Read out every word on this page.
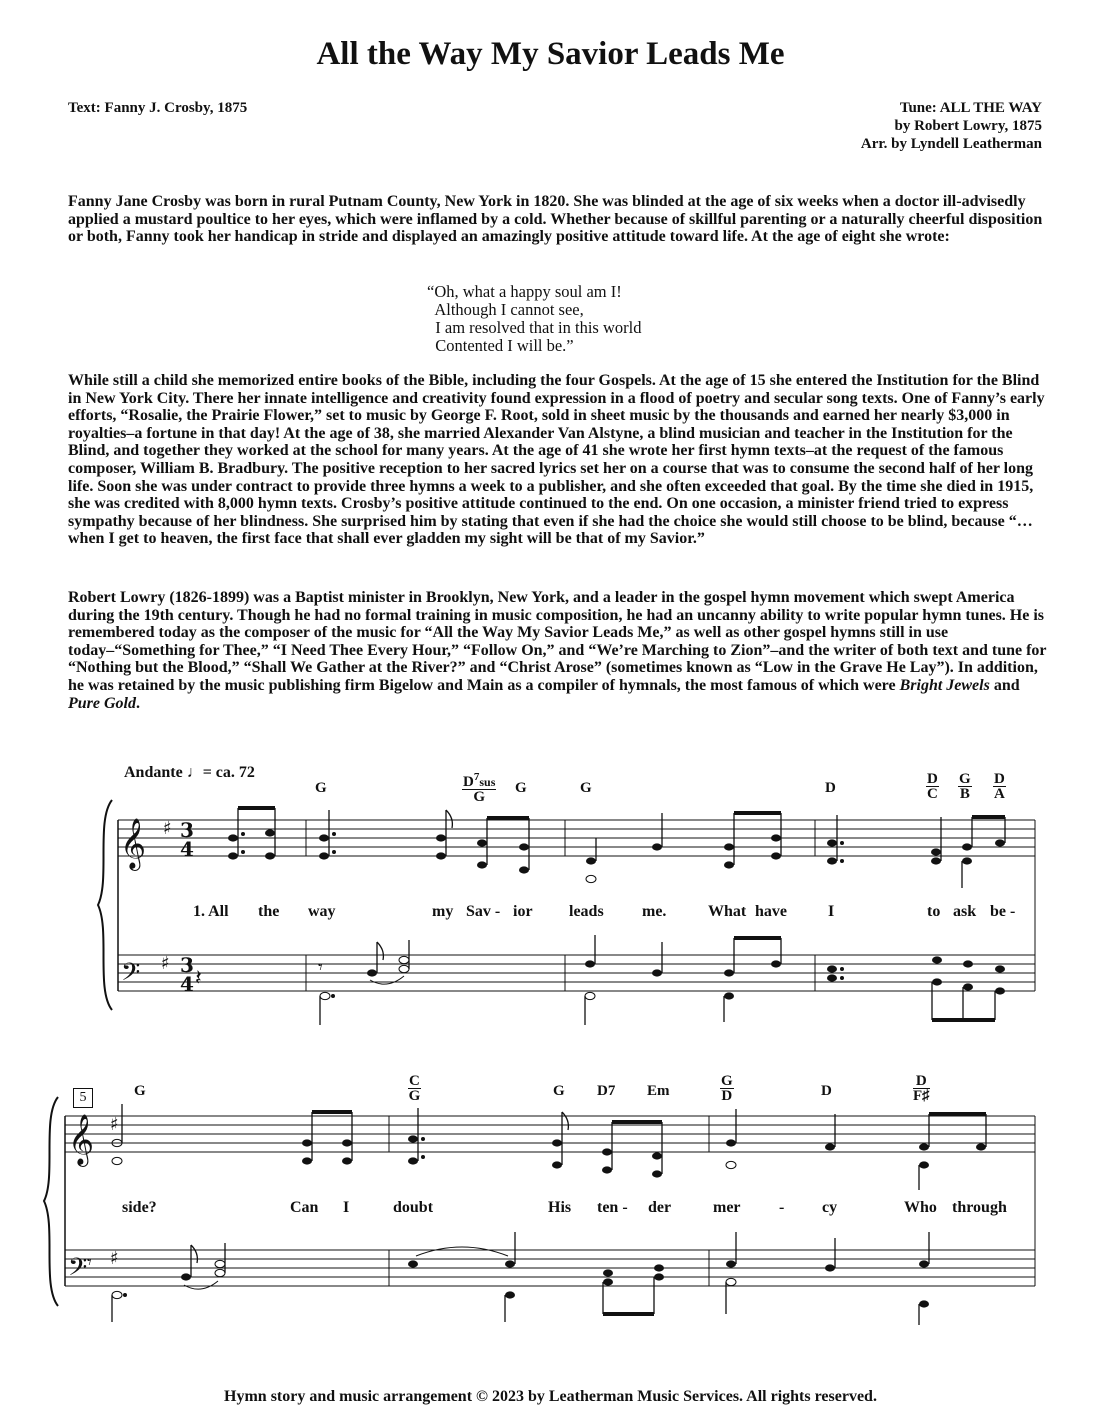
All the Way My Savior Leads Me
Text: Fanny J. Crosby, 1875	Tune: ALL THE WAY
by Robert Lowry, 1875
Arr. by Lyndell Leatherman
Fanny Jane Crosby was born in rural Putnam County, New York in 1820. She was blinded at the age of six weeks when a doctor ill-advisedly applied a mustard poultice to her eyes, which were inflamed by a cold. Whether because of skillful parenting or a naturally cheerful disposition or both, Fanny took her handicap in stride and displayed an amazingly positive attitude toward life. At the age of eight she wrote:
“Oh, what a happy soul am I!
Although I cannot see,
I am resolved that in this world
Contented I will be.”
While still a child she memorized entire books of the Bible, including the four Gospels. At the age of 15 she entered the Institution for the Blind in New York City. There her innate intelligence and creativity found expression in a flood of poetry and secular song texts. One of Fanny’s early efforts, “Rosalie, the Prairie Flower,” set to music by George F. Root, sold in sheet music by the thousands and earned her nearly $3,000 in royalties–a fortune in that day! At the age of 38, she married Alexander Van Alstyne, a blind musician and teacher in the Institution for the Blind, and together they worked at the school for many years. At the age of 41 she wrote her first hymn texts–at the request of the famous composer, William B. Bradbury. The positive reception to her sacred lyrics set her on a course that was to consume the second half of her long life. Soon she was under contract to provide three hymns a week to a publisher, and she often exceeded that goal. By the time she died in 1915, she was credited with 8,000 hymn texts. Crosby’s positive attitude continued to the end. On one occasion, a minister friend tried to express sympathy because of her blindness. She surprised him by stating that even if she had the choice she would still choose to be blind, because “…when I get to heaven, the first face that shall ever gladden my sight will be that of my Savior.”
Robert Lowry (1826-1899) was a Baptist minister in Brooklyn, New York, and a leader in the gospel hymn movement which swept America during the 19th century. Though he had no formal training in music composition, he had an uncanny ability to write popular hymn tunes. He is remembered today as the composer of the music for “All the Way My Savior Leads Me,” as well as other gospel hymns still in use today–“Something for Thee,” “I Need Thee Every Hour,” “Follow On,” and “We’re Marching to Zion”–and the writer of both text and tune for “Nothing but the Blood,” “Shall We Gather at the River?” and “Christ Arose” (sometimes known as “Low in the Grave He Lay”). In addition, he was retained by the music publishing firm Bigelow and Main as a compiler of hymnals, the most famous of which were Bright Jewels and Pure Gold.
Andante ♩= ca. 72
G	$\frac{D^7sus}{G}$ G	G	D	$\frac{D}{C} \frac{G}{B} \frac{D}{A}$
1. All the way	my Sav - ior leads me.	What have	I	to ask be -
5	G	$\frac{C}{G}$	G D7 Em	$\frac{G}{D}$	D	$\frac{D}{F♯}$
side?	Can I	doubt	His ten - der	mer - cy	Who through
𝄞
𝄢
𝄞
𝄢
♯
♯
♯
♯
3
4
3
4 𝄽	𝄾
𝄾
Hymn story and music arrangement © 2023 by Leatherman Music Services. All rights reserved.
